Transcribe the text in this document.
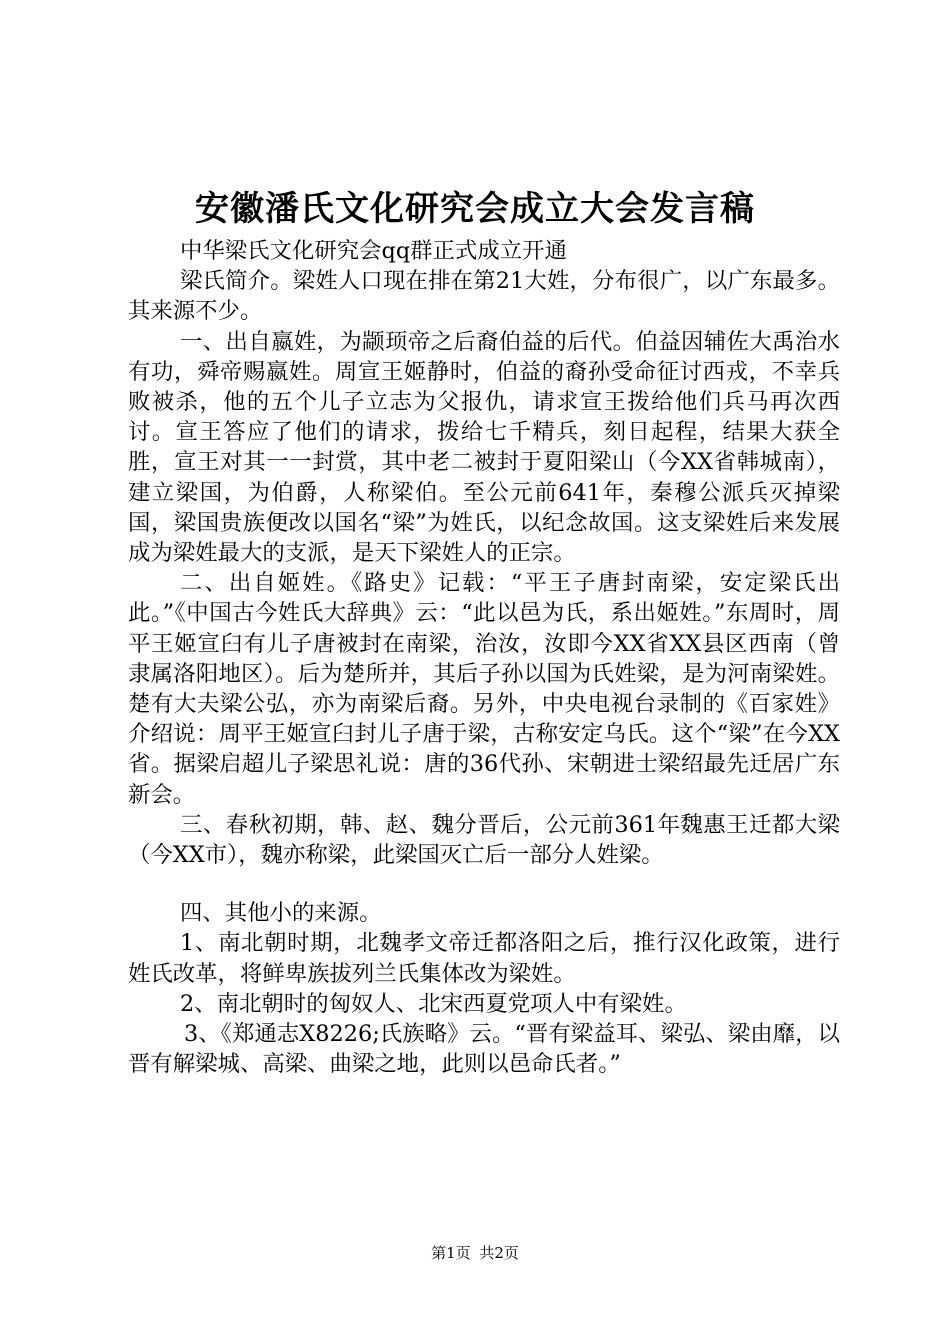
安徽潘氏文化研究会成立大会发言稿

中华梁氏文化研究会qq群正式成立开通

梁氏简介。梁姓人口现在排在第21大姓，分布很广，以广东最多。其来源不少。

一、出自嬴姓，为颛顼帝之后裔伯益的后代。伯益因辅佐大禹治水有功，舜帝赐嬴姓。周宣王姬静时，伯益的裔孙受命征讨西戎，不幸兵败被杀，他的五个儿子立志为父报仇，请求宣王拨给他们兵马再次西讨。宣王答应了他们的请求，拨给七千精兵，刻日起程，结果大获全胜，宣王对其一一封赏，其中老二被封于夏阳梁山（今XX省韩城南），建立梁国，为伯爵，人称梁伯。至公元前641年，秦穆公派兵灭掉梁国，梁国贵族便改以国名“梁”为姓氏，以纪念故国。这支梁姓后来发展成为梁姓最大的支派，是天下梁姓人的正宗。

二、出自姬姓。《路史》记载：“平王子唐封南梁，安定梁氏出此。”《中国古今姓氏大辞典》云：“此以邑为氏，系出姬姓。”东周时，周平王姬宣臼有儿子唐被封在南梁，治汝，汝即今XX省XX县区西南（曾隶属洛阳地区）。后为楚所并，其后子孙以国为氏姓梁，是为河南梁姓。楚有大夫梁公弘，亦为南梁后裔。另外，中央电视台录制的《百家姓》介绍说：周平王姬宣臼封儿子唐于梁，古称安定乌氏。这个“梁”在今XX省。据梁启超儿子梁思礼说：唐的36代孙、宋朝进士梁绍最先迁居广东新会。

三、春秋初期，韩、赵、魏分晋后，公元前361年魏惠王迁都大梁（今XX市），魏亦称梁，此梁国灭亡后一部分人姓梁。

四、其他小的来源。

1、南北朝时期，北魏孝文帝迁都洛阳之后，推行汉化政策，进行姓氏改革，将鲜卑族拔列兰氏集体改为梁姓。

2、南北朝时的匈奴人、北宋西夏党项人中有梁姓。

3、《郑通志X8226;氏族略》云。“晋有梁益耳、梁弘、梁由靡，以晋有解梁城、高梁、曲梁之地，此则以邑命氏者。”

第1页 共2页
